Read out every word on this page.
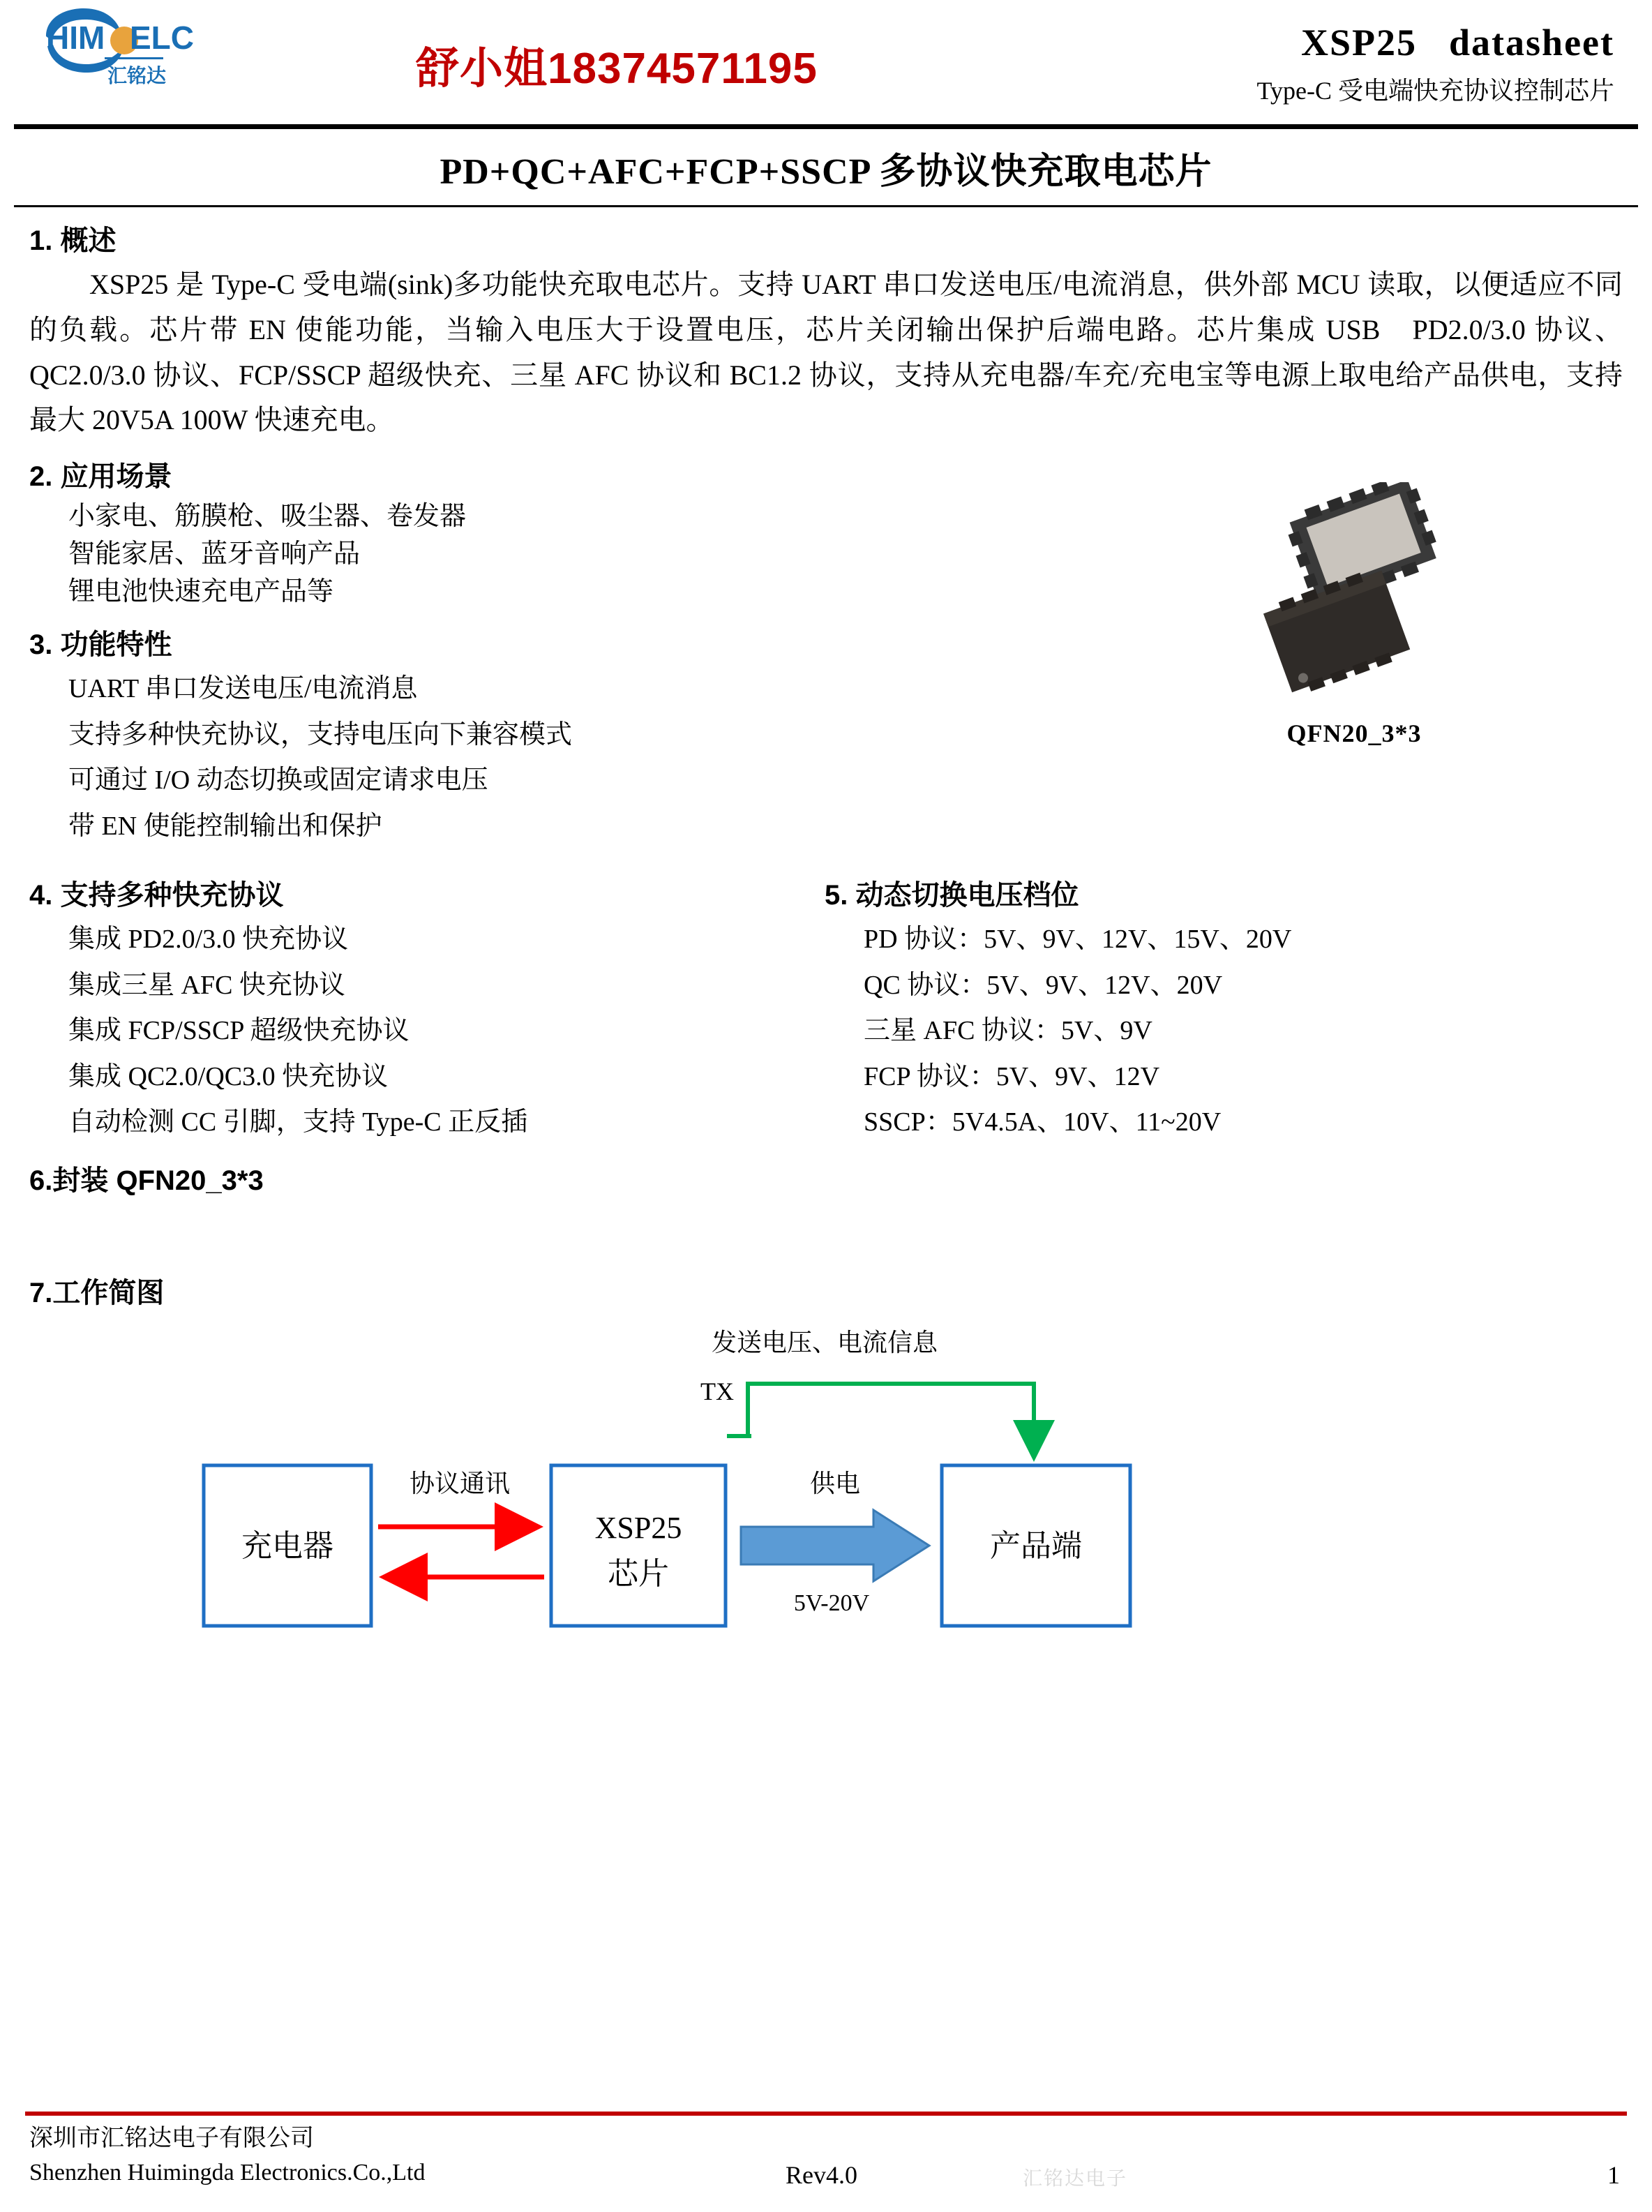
ELC
HIM
汇铭达	舒小姐18374571195
XSP25 datasheet
Type-C 受电端快充协议控制芯片
PD+QC+AFC+FCP+SSCP 多协议快充取电芯片
1. 概述

XSP25 是 Type-C 受电端(sink)多功能快充取电芯片。支持 UART 串口发送电压/电流消息，供外部 MCU 读取，以便适应不同的负载。芯片带 EN 使能功能，当输入电压大于设置电压，芯片关闭输出保护后端电路。芯片集成 USB　PD2.0/3.0 协议、QC2.0/3.0 协议、FCP/SSCP 超级快充、三星 AFC 协议和 BC1.2 协议，支持从充电器/车充/充电宝等电源上取电给产品供电，支持最大 20V5A 100W 快速充电。

QFN20_3*3
2. 应用场景
小家电、筋膜枪、吸尘器、卷发器
智能家居、蓝牙音响产品
锂电池快速充电产品等
3. 功能特性
UART 串口发送电压/电流消息
支持多种快充协议，支持电压向下兼容模式
可通过 I/O 动态切换或固定请求电压
带 EN 使能控制输出和保护
4. 支持多种快充协议
集成 PD2.0/3.0 快充协议
集成三星 AFC 快充协议
集成 FCP/SSCP 超级快充协议
集成 QC2.0/QC3.0 快充协议
自动检测 CC 引脚，支持 Type-C 正反插
5. 动态切换电压档位
PD 协议：5V、9V、12V、15V、20V
QC 协议：5V、9V、12V、20V
三星 AFC 协议：5V、9V
FCP 协议：5V、9V、12V
SSCP：5V4.5A、10V、11~20V
6.封装 QFN20_3*3
7.工作简图
充电器
XSP25
芯片
产品端
协议通讯	供电
5V-20V
发送电压、电流信息
TX
深圳市汇铭达电子有限公司
Shenzhen Huimingda Electronics.Co.,Ltd	汇铭达电子
Rev4.0	1
